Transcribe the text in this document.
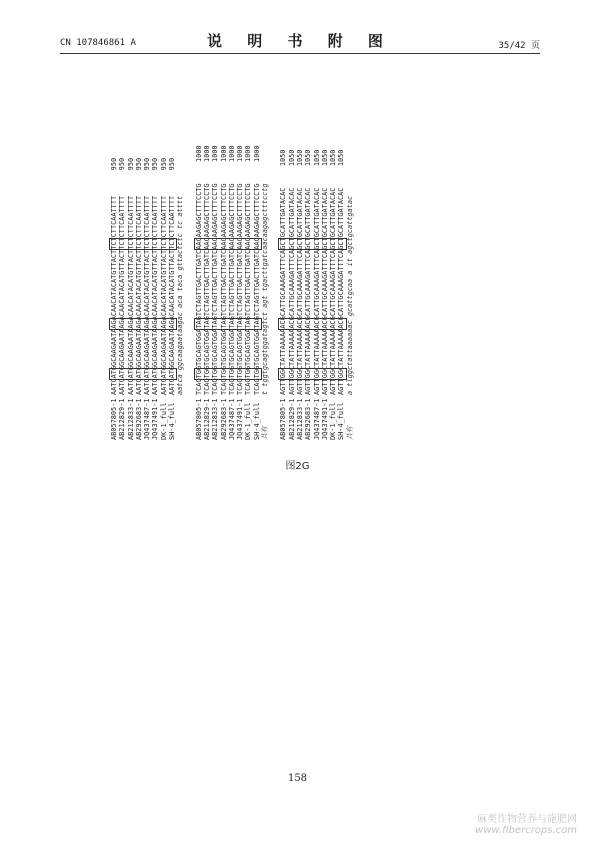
CN 107846861 A	说 明 书 附 图	35/42 页
AB057805-1AATCATGGCAAGAATAAGACAACATACATGTTACTTCTCTTCAATTTT950
AB212829-1AATCATGGCAAGAATAAGACAACATACATGTTACTTCTCTTCAATTTT950
AB212833-1AATCATGGCAAGAATAAGACAACATACATGTTACTTCTCTTCAATTTT950
AB292683-1AATCATGGCAAGAATAAGACAACATACATGTTACTTCTCTTCAATTTT950
JQ437487-1AATCATGGCAAGAATAAGACAACATACATGTTACTTCTCTTCAATTTT950
JQ437491-1AATCATGGCAAGAATAAGACAACATACATGTTACTTCTCTTCAATTTT950
DK-1_fullAATCATGGCAAGAATAAGACAACATACATGTTACTTCTCTTCAATTTT950
SH-4_fullAATCATGGCAAGAATAAGACAACATACATGTTACTTCTCTTCAATTTT950
aatca ggcaagaataagac aca taca gttactctc tc atttt
AB057805-1TCAGTGGTGCAGTGGATAGTCTAGTTGACTTGATCAACAAGAGCTTTCCTG1000
AB212829-1TCAGTGGTGCAGTGGATAGTCTAGTTGACTTGATCAACAAGAGCTTTCCTG1000
AB212833-1TCAGTGGTGCAGTGGATAGTCTAGTTGACTTGATCAACAAGAGCTTTCCTG1000
AB292683-1TCAGTGGTGCAGTGGATAGTCTAGTTGACTTGATCAACAAGAGCTTTCCTG1000
JQ437487-1TCAGTGGTGCAGTGGATAGTCTAGTTGACTTGATCAACAAGAGCTTTCCTG1000
JQ437491-1TCAGTGGTGCAGTGGATAGTCTAGTTGACTTGATCAACAAGAGCTTTCCTG1000
DK-1_fullTCAGTGGTGCAGTGGATAGTCTAGTTGACTTGATCAACAAGAGCTTTCCTG1000
SH-4_fullTCAGTGGTGCAGTGGATAGTCTAGTTGACTTGATCAACAAGAGCTTTCCTG1000
共有t tggtgcagtggatagtct agt tgacttgatcaacaagagctttcctg
AB057805-1AGTTGGCTATTAAAAAACGCATTGCAAAGATTTCAGCTGCATTGATACAC1050
AB212829-1AGTTGGCTATTAAAAAACGCATTGCAAAGATTTCAGCTGCATTGATACAC1050
AB212833-1AGTTGGCTATTAAAAAACGCATTGCAAAGATTTCAGCTGCATTGATACAC1050
AB292683-1AGTTGGCTATTAAAAAACGCATTGCAAAGATTTCAGCTGCATTGATACAC1050
JQ437487-1AGTTGGCTATTAAAAAACGCATTGCAAAGATTTCAGCTGCATTGATACAC1050
JQ437491-1AGTTGGCTATTAAAAAACGCATTGCAAAGATTTCAGCTGCATTGATACAC1050
DK-1_fullAGTTGGCTATTAAAAAACGCATTGCAAAGATTTCAGCTGCATTGATACAC1050
SH-4_fullAGTTGGCTATTAAAAAACGCATTGCAAAGATTTCAGCTGCATTGATACAC1050
共有a tlggctattaaaaaac gcattgcaa a it agctgcattgatac
图2G
158
麻类作物营养与施肥网
www.fibercrops.com
